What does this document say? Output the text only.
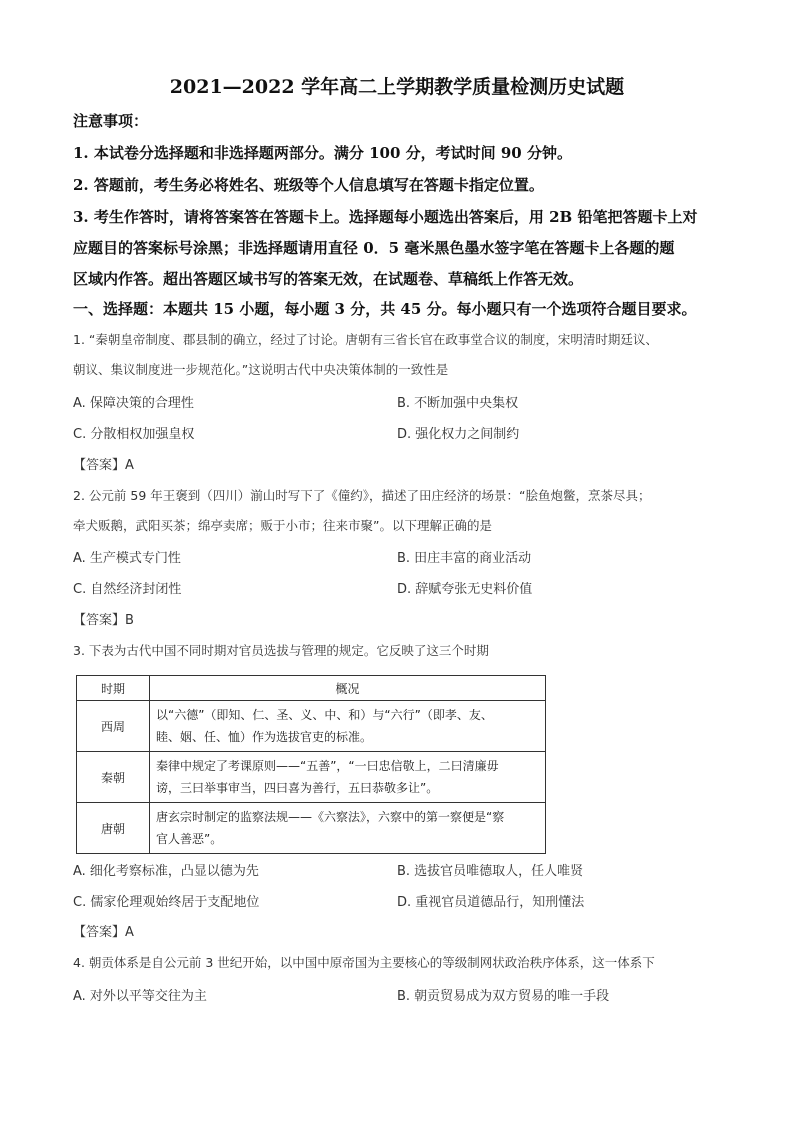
2021—2022 学年高二上学期教学质量检测历史试题
注意事项：
1. 本试卷分选择题和非选择题两部分。满分 100 分，考试时间 90 分钟。
2. 答题前，考生务必将姓名、班级等个人信息填写在答题卡指定位置。
3. 考生作答时，请将答案答在答题卡上。选择题每小题选出答案后，用 2B 铅笔把答题卡上对
应题目的答案标号涂黑；非选择题请用直径 0．5 毫米黑色墨水签字笔在答题卡上各题的题
区域内作答。超出答题区域书写的答案无效，在试题卷、草稿纸上作答无效。
一、选择题：本题共 15 小题，每小题 3 分，共 45 分。每小题只有一个选项符合题目要求。
1. “秦朝皇帝制度、郡县制的确立，经过了讨论。唐朝有三省长官在政事堂合议的制度，宋明清时期廷议、
朝议、集议制度进一步规范化。”这说明古代中央决策体制的一致性是
A. 保障决策的合理性	B. 不断加强中央集权
C. 分散相权加强皇权	D. 强化权力之间制约
【答案】A
2. 公元前 59 年王褒到（四川）湔山时写下了《僮约》，描述了田庄经济的场景：“脍鱼炮鳖，烹茶尽具；
牵犬贩鹅，武阳买茶；绵亭卖席；贩于小市；往来市聚”。以下理解正确的是
A. 生产模式专门性	B. 田庄丰富的商业活动
C. 自然经济封闭性	D. 辞赋夸张无史料价值
【答案】B
3. 下表为古代中国不同时期对官员选拔与管理的规定。它反映了这三个时期
时期	概况
西周	以“六德”（即知、仁、圣、义、中、和）与“六行”（即孝、友、
睦、姻、任、恤）作为选拔官吏的标准。

秦朝	秦律中规定了考课原则——“五善”，“一曰忠信敬上，二曰清廉毋
谤，三曰举事审当，四曰喜为善行，五曰恭敬多让”。

唐朝	唐玄宗时制定的监察法规——《六察法》，六察中的第一察便是“察
官人善恶”。
A. 细化考察标准，凸显以德为先	B. 选拔官员唯德取人，任人唯贤
C. 儒家伦理观始终居于支配地位	D. 重视官员道德品行，知刑懂法
【答案】A
4. 朝贡体系是自公元前 3 世纪开始，以中国中原帝国为主要核心的等级制网状政治秩序体系，这一体系下
A. 对外以平等交往为主	B. 朝贡贸易成为双方贸易的唯一手段
